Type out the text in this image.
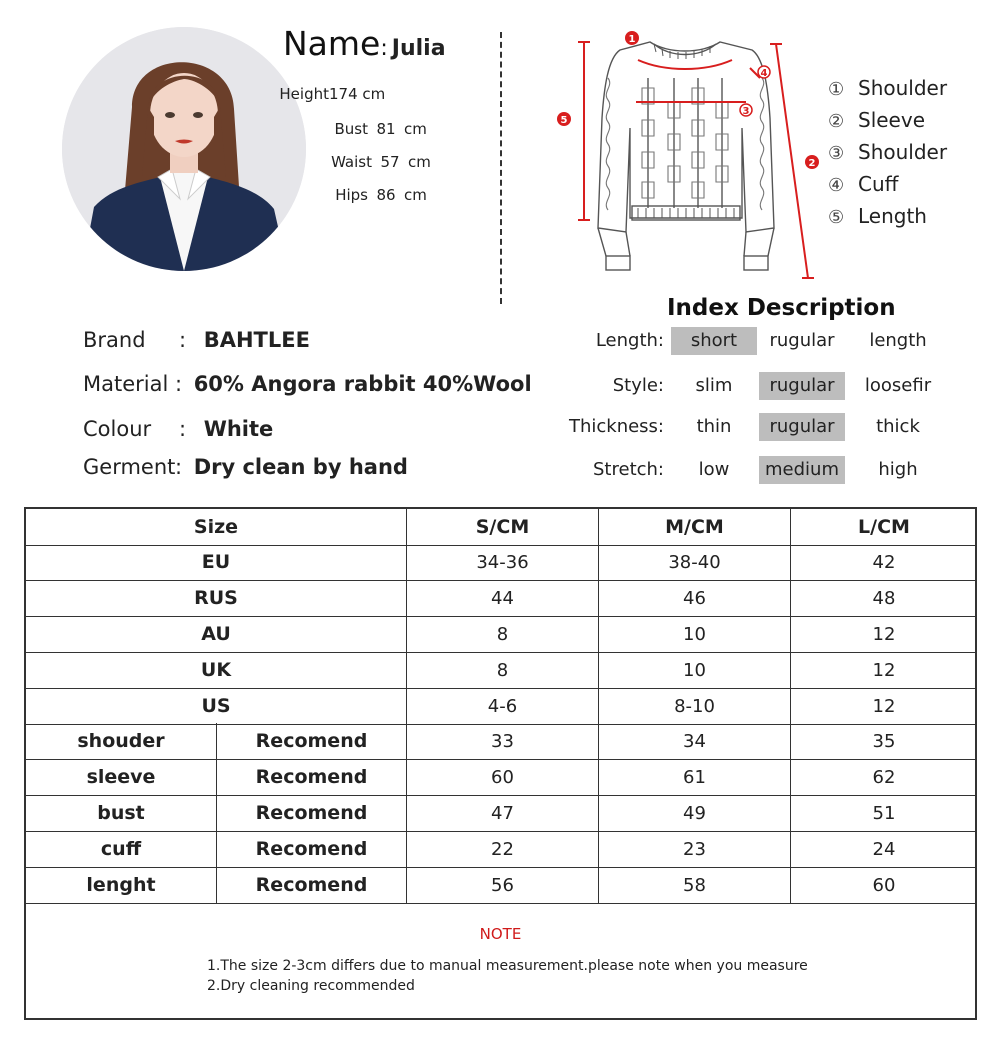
Name: Julia
Height174 cm
Bust 81 cm
Waist 57 cm
Hips 86 cm
1
5
2
3
4
① Shoulder
② Sleeve
③ Shoulder
④ Cuff
⑤ Length
Brand : BAHTLEE
Material : 60% Angora rabbit 40%Wool
Colour : White
Germent: Dry clean by hand
Index Description
Length:	short	rugular	length
Style:	slim	rugular	loosefir
Thickness:	thin	rugular	thick
Stretch:	low	medium	high
Size	S/CM	M/CM	L/CM
EU	34-36	38-40	42
RUS	44	46	48
AU	8	10	12
UK	8	10	12
US	4-6	8-10	12
shouder	Recomend	33	34	35
sleeve	Recomend	60	61	62
bust	Recomend	47	49	51
cuff	Recomend	22	23	24
lenght	Recomend	56	58	60
NOTE
1.The size 2-3cm differs due to manual measurement.please note when you measure
2.Dry cleaning recommended
